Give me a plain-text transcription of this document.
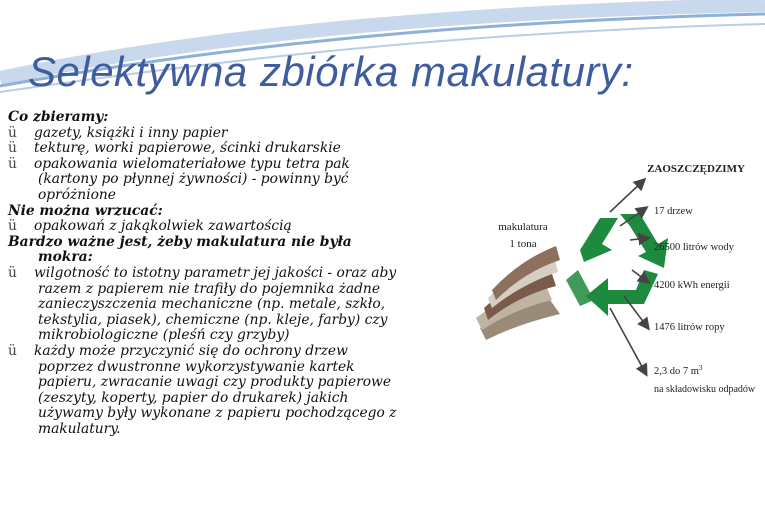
Selektywna zbiórka makulatury:

Co zbieramy:

ü gazety, książki i inny papier

ü tekturę, worki papierowe, ścinki drukarskie

ü opakowania wielomateriałowe typu tetra pak

(kartony po płynnej żywności) - powinny być

opróżnione

Nie można wrzucać:

ü opakowań z jakąkolwiek zawartością

Bardzo ważne jest, żeby makulatura nie była

mokra:

ü wilgotność to istotny parametr jej jakości - oraz aby

razem z papierem nie trafiły do pojemnika żadne

zanieczyszczenia mechaniczne (np. metale, szkło,

tekstylia, piasek), chemiczne (np. kleje, farby) czy

mikrobiologiczne (pleśń czy grzyby)

ü każdy może przyczynić się do ochrony drzew

poprzez dwustronne wykorzystywanie kartek

papieru, zwracanie uwagi czy produkty papierowe

(zeszyty, koperty, papier do drukarek) jakich

używamy były wykonane z papieru pochodzącego z

makulatury.

ZAOSZCZĘDZIMY
makulatura
1 tona
17 drzew
26500 litrów wody
4200 kWh energii
1476 litrów ropy
2,3 do 7 $m^3$
na składowisku odpadów
